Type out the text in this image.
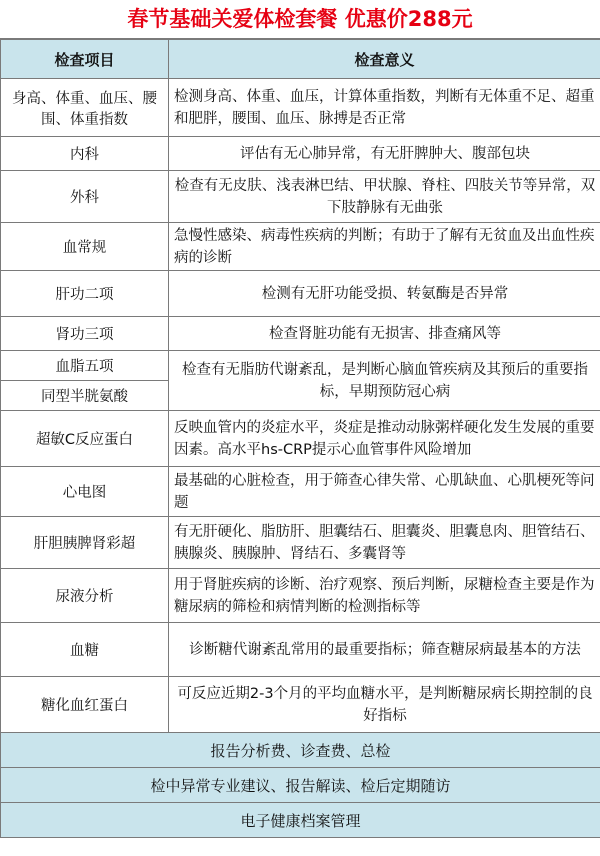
春节基础关爱体检套餐 优惠价288元
检查项目	检查意义
身高、体重、血压、腰围、体重指数	检测身高、体重、血压，计算体重指数，判断有无体重不足、超重和肥胖，腰围、血压、脉搏是否正常
内科	评估有无心肺异常，有无肝脾肿大、腹部包块
外科	检查有无皮肤、浅表淋巴结、甲状腺、脊柱、四肢关节等异常，双下肢静脉有无曲张
血常规	急慢性感染、病毒性疾病的判断；有助于了解有无贫血及出血性疾病的诊断
肝功二项	检测有无肝功能受损、转氨酶是否异常
肾功三项	检查肾脏功能有无损害、排查痛风等
血脂五项	检查有无脂肪代谢紊乱，是判断心脑血管疾病及其预后的重要指标，早期预防冠心病
同型半胱氨酸	
超敏C反应蛋白	反映血管内的炎症水平，炎症是推动动脉粥样硬化发生发展的重要因素。高水平hs-CRP提示心血管事件风险增加
心电图	最基础的心脏检查，用于筛查心律失常、心肌缺血、心肌梗死等问题
肝胆胰脾肾彩超	有无肝硬化、脂肪肝、胆囊结石、胆囊炎、胆囊息肉、胆管结石、胰腺炎、胰腺肿、肾结石、多囊肾等
尿液分析	用于肾脏疾病的诊断、治疗观察、预后判断，尿糖检查主要是作为糖尿病的筛检和病情判断的检测指标等
血糖	诊断糖代谢紊乱常用的最重要指标；筛查糖尿病最基本的方法
糖化血红蛋白	可反应近期2-3个月的平均血糖水平，是判断糖尿病长期控制的良好指标
报告分析费、诊查费、总检	
检中异常专业建议、报告解读、检后定期随访	
电子健康档案管理	
